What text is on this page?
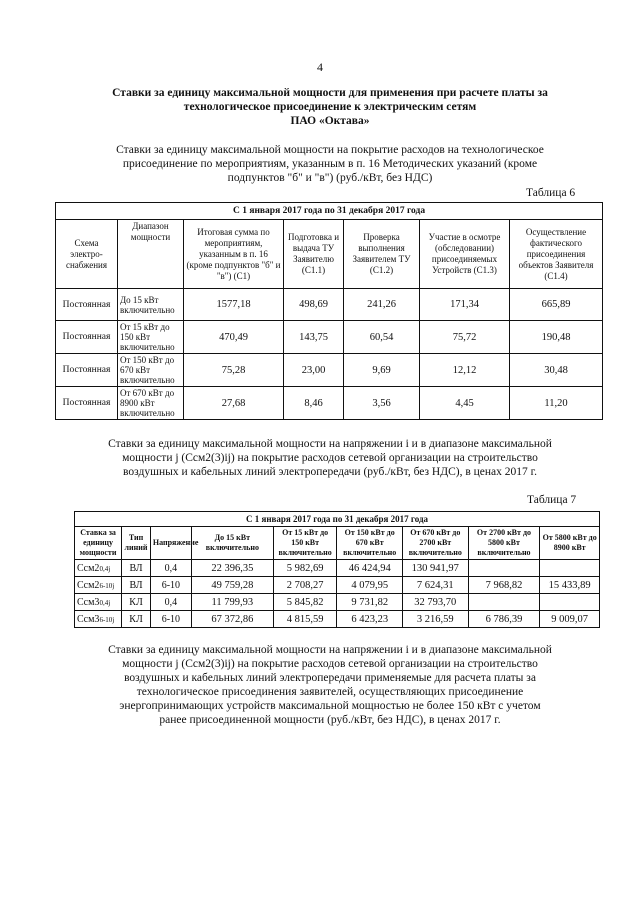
4
Ставки за единицу максимальной мощности для применения при расчете платы за
технологическое присоединение к электрическим сетям
ПАО «Октава»
Ставки за единицу максимальной мощности на покрытие расходов на технологическое
присоединение по мероприятиям, указанным в п. 16 Методических указаний (кроме
подпунктов "б" и "в") (руб./кВт, без НДС)
Таблица 6
С 1 января 2017 года по 31 декабря 2017 года						
Схема электро-снабжения	Диапазон мощности	Итоговая сумма по мероприятиям, указанным в п. 16 (кроме подпунктов "б" и "в") (С1)	Подготовка и выдача ТУ Заявителю (С1.1)	Проверка выполнения Заявителем ТУ (С1.2)	Участие в осмотре (обследовании) присоединяемых Устройств (С1.3)	Осуществление фактического присоединения объектов Заявителя (С1.4)
Постоянная	До 15 кВт включительно	1577,18	498,69	241,26	171,34	665,89
Постоянная	От 15 кВт до 150 кВт включительно	470,49	143,75	60,54	75,72	190,48
Постоянная	От 150 кВт до 670 кВт включительно	75,28	23,00	9,69	12,12	30,48
Постоянная	От 670 кВт до 8900 кВт включительно	27,68	8,46	3,56	4,45	11,20
Ставки за единицу максимальной мощности на напряжении i и в диапазоне максимальной
мощности j (Cсм2(3)ij) на покрытие расходов сетевой организации на строительство
воздушных и кабельных линий электропередачи (руб./кВт, без НДС), в ценах 2017 г.
Таблица 7
С 1 января 2017 года по 31 декабря 2017 года								
Ставка за единицу мощности	Тип линий	Напряжение	До 15 кВт включительно	От 15 кВт до 150 кВт включительно	От 150 кВт до 670 кВт включительно	От 670 кВт до 2700 кВт включительно	От 2700 кВт до 5800 кВт включительно	От 5800 кВт до 8900 кВт
Cсм20,4j	ВЛ	0,4	22 396,35	5 982,69	46 424,94	130 941,97		
Cсм26-10j	ВЛ	6-10	49 759,28	2 708,27	4 079,95	7 624,31	7 968,82	15 433,89
Cсм30,4j	КЛ	0,4	11 799,93	5 845,82	9 731,82	32 793,70		
Cсм36-10j	КЛ	6-10	67 372,86	4 815,59	6 423,23	3 216,59	6 786,39	9 009,07
Ставки за единицу максимальной мощности на напряжении i и в диапазоне максимальной
мощности j (Cсм2(3)ij) на покрытие расходов сетевой организации на строительство
воздушных и кабельных линий электропередачи применяемые для расчета платы за
технологическое присоединения заявителей, осуществляющих присоединение
энергопринимающих устройств максимальной мощностью не более 150 кВт с учетом
ранее присоединенной мощности (руб./кВт, без НДС), в ценах 2017 г.
